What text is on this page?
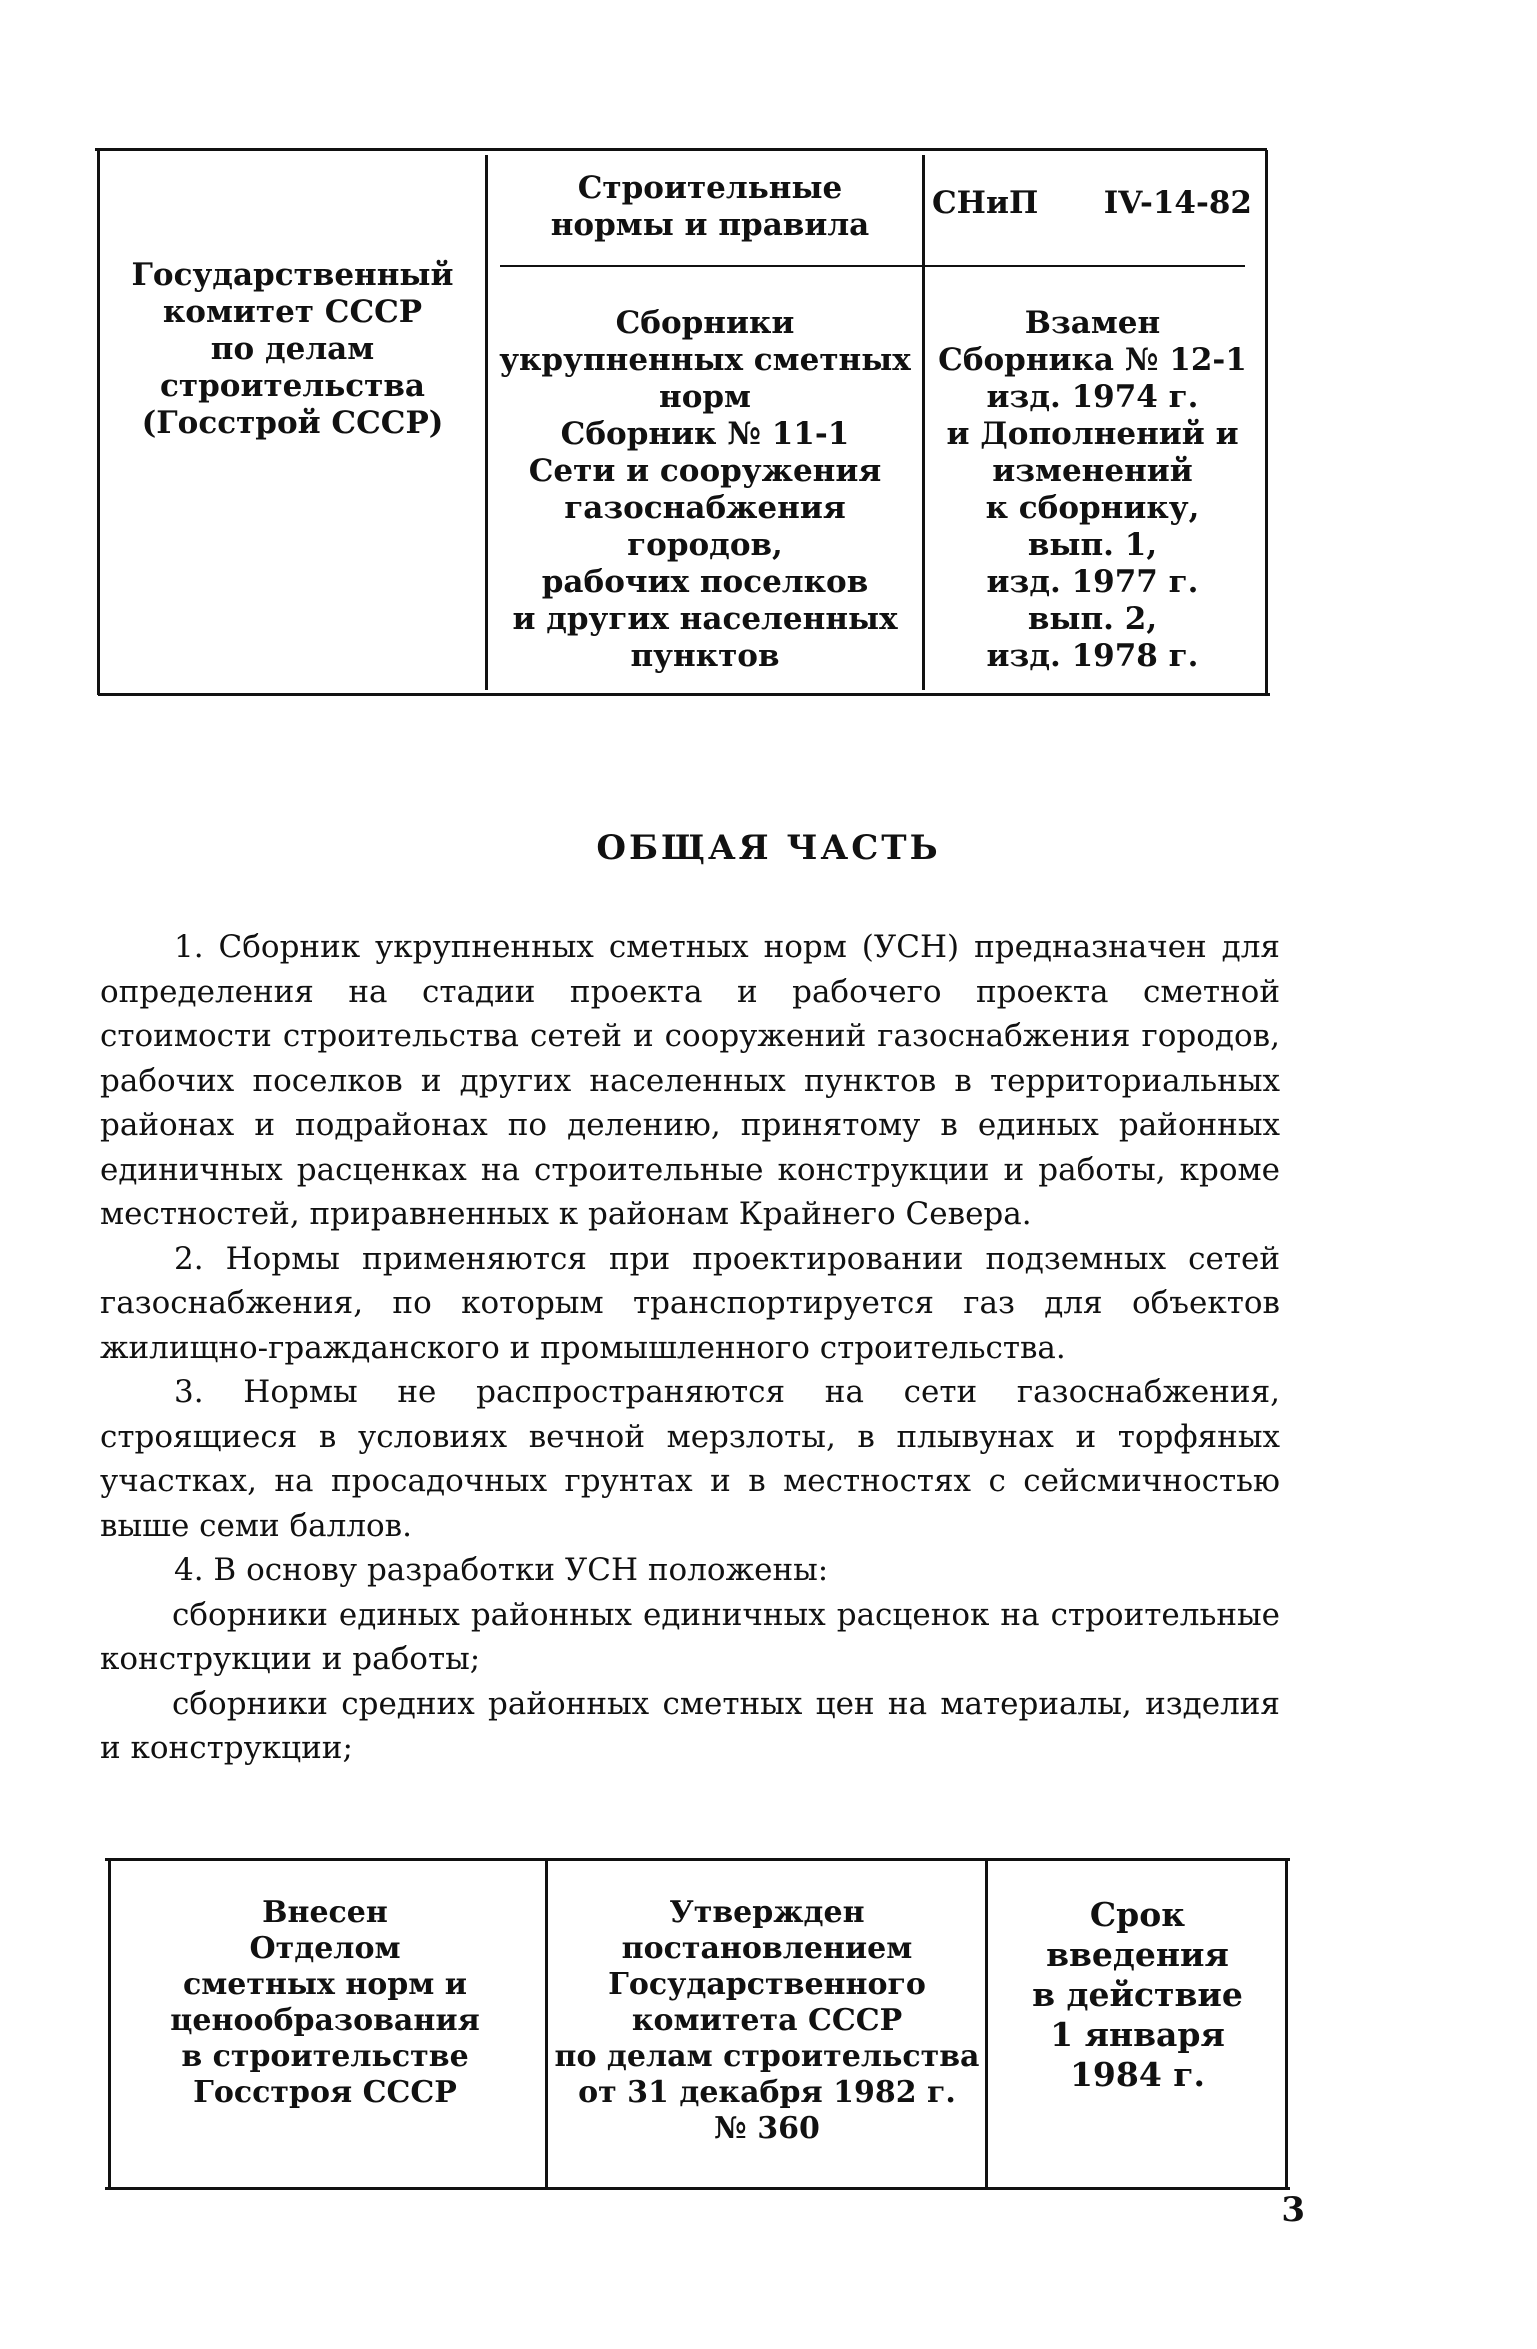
Государственный
комитет СССР
по делам
строительства
(Госстрой СССР)
Строительные
нормы и правила
СНиП IV-14-82
Сборники
укрупненных сметных
норм
Сборник № 11-1
Сети и сооружения
газоснабжения городов,
рабочих поселков
и других населенных
пунктов
Взамен
Сборника № 12-1
изд. 1974 г.
и Дополнений и
изменений
к сборнику,
вып. 1,
изд. 1977 г.
вып. 2,
изд. 1978 г.
ОБЩАЯ ЧАСТЬ

1. Сборник укрупненных сметных норм (УСН) предназначен для определения на стадии проекта и рабочего проекта сметной стоимости строительства сетей и сооружений газоснабжения городов, рабочих поселков и других населенных пунктов в территориальных районах и подрайонах по делению, принятому в единых районных единичных расценках на строительные конструкции и работы, кроме местностей, приравненных к районам Крайнего Севера.

2. Нормы применяются при проектировании подземных сетей газоснабжения, по которым транспортируется газ для объектов жилищно-гражданского и промышленного строительства.

3. Нормы не распространяются на сети газоснабжения, строящиеся в условиях вечной мерзлоты, в плывунах и торфяных участках, на просадочных грунтах и в местностях с сейсмичностью выше семи баллов.

4. В основу разработки УСН положены:

сборники единых районных единичных расценок на строительные конструкции и работы;

сборники средних районных сметных цен на материалы, изделия и конструкции;

Внесен
Отделом
сметных норм и
ценообразования
в строительстве
Госстроя СССР
Утвержден
постановлением
Государственного
комитета СССР
по делам строительства
от 31 декабря 1982 г.
№ 360
Срок введения
в действие
1 января
1984 г.
3
